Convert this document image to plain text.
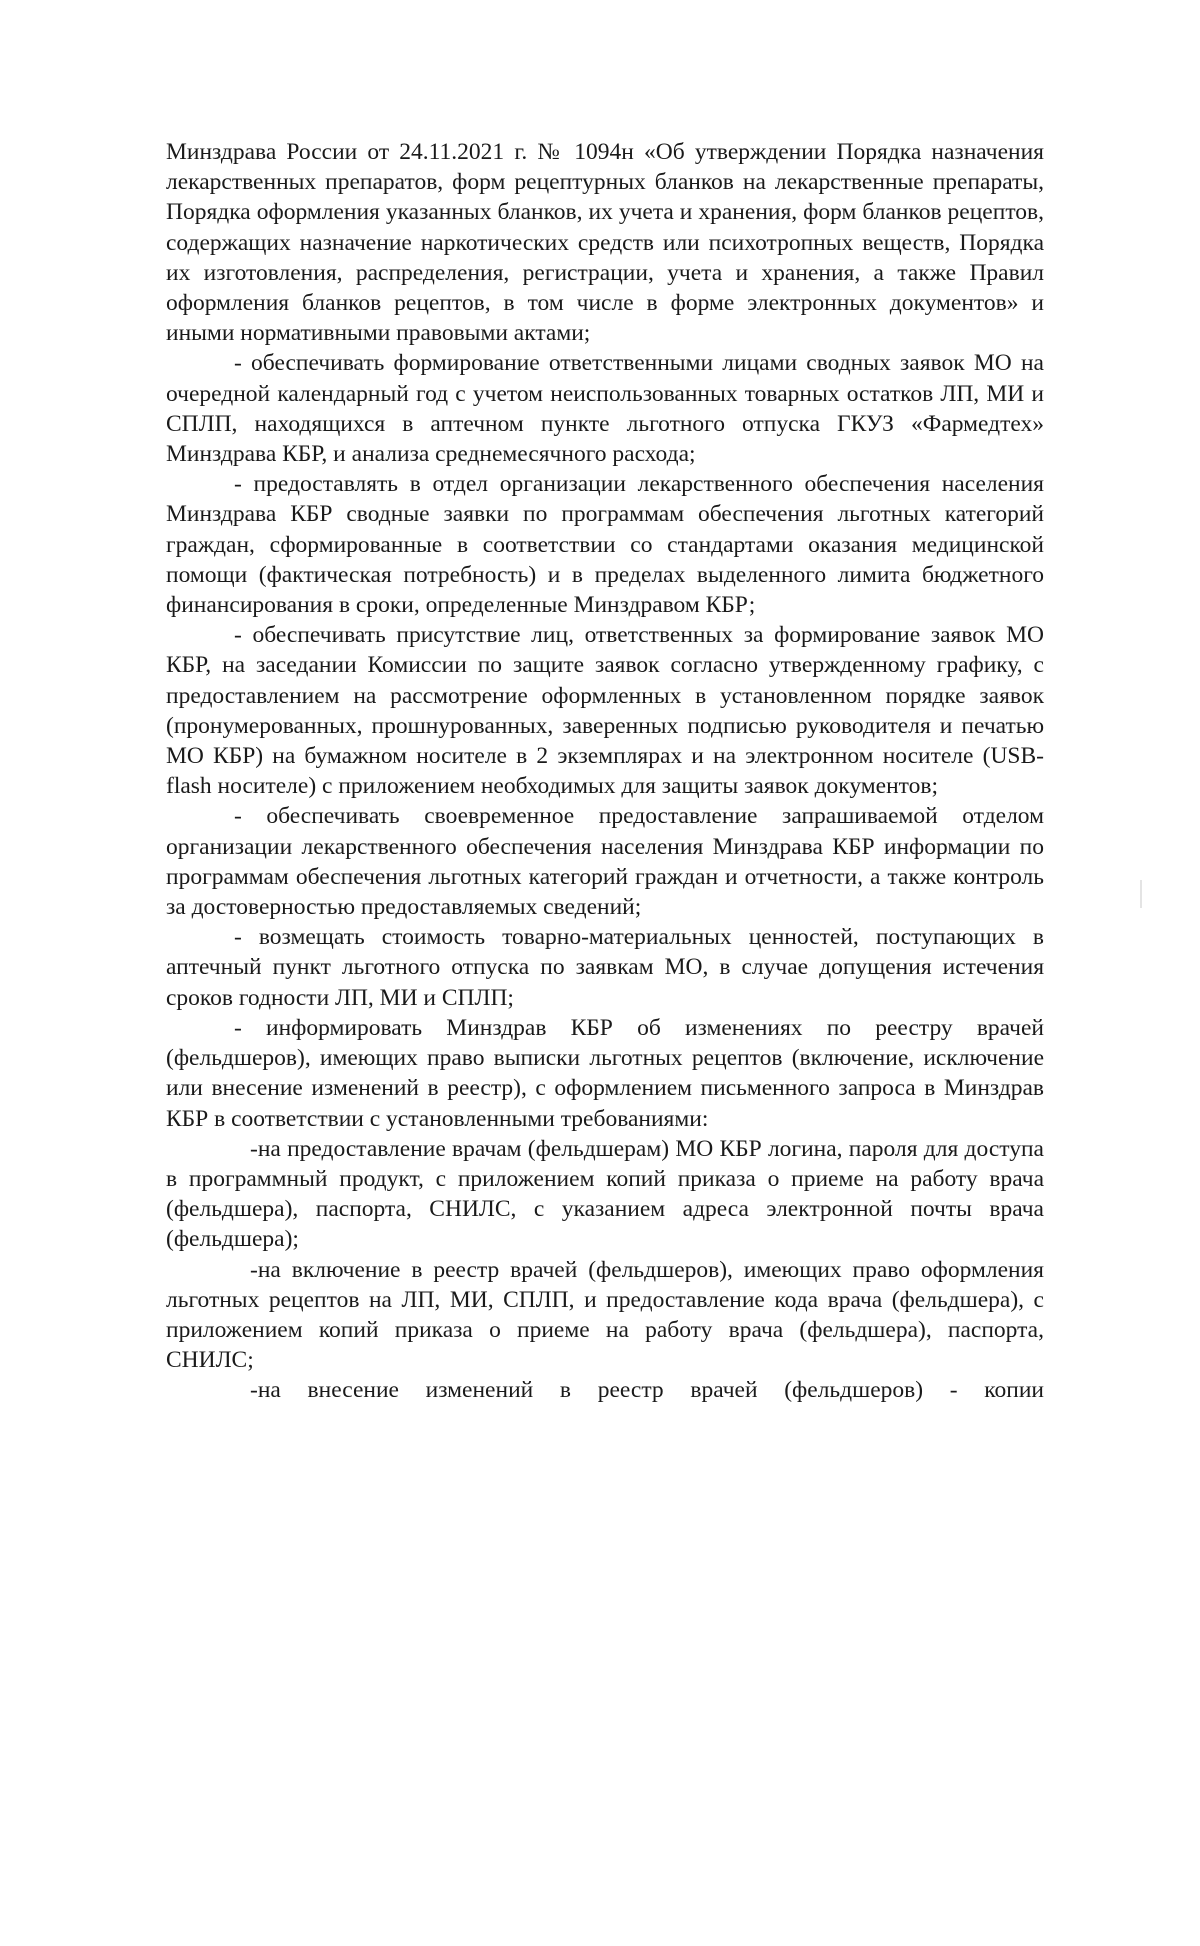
Минздрава России от 24.11.2021 г. № 1094н «Об утверждении Порядка назначения лекарственных препаратов, форм рецептурных бланков на лекарственные препараты, Порядка оформления указанных бланков, их учета и хранения, форм бланков рецептов, содержащих назначение наркотических средств или психотропных веществ, Порядка их изготовления, распределения, регистрации, учета и хранения, а также Правил оформления бланков рецептов, в том числе в форме электронных документов» и иными нормативными правовыми актами;

- обеспечивать формирование ответственными лицами сводных заявок МО на очередной календарный год с учетом неиспользованных товарных остатков ЛП, МИ и СПЛП, находящихся в аптечном пункте льготного отпуска ГКУЗ «Фармедтех» Минздрава КБР, и анализа среднемесячного расхода;

- предоставлять в отдел организации лекарственного обеспечения населения Минздрава КБР сводные заявки по программам обеспечения льготных категорий граждан, сформированные в соответствии со стандартами оказания медицинской помощи (фактическая потребность) и в пределах выделенного лимита бюджетного финансирования в сроки, определенные Минздравом КБР;

- обеспечивать присутствие лиц, ответственных за формирование заявок МО КБР, на заседании Комиссии по защите заявок согласно утвержденному графику, с предоставлением на рассмотрение оформленных в установленном порядке заявок (пронумерованных, прошнурованных, заверенных подписью руководителя и печатью МО КБР) на бумажном носителе в 2 экземплярах и на электронном носителе (USB- flash носителе) с приложением необходимых для защиты заявок документов;

- обеспечивать своевременное предоставление запрашиваемой отделом организации лекарственного обеспечения населения Минздрава КБР информации по программам обеспечения льготных категорий граждан и отчетности, а также контроль за достоверностью предоставляемых сведений;

- возмещать стоимость товарно-материальных ценностей, поступающих в аптечный пункт льготного отпуска по заявкам МО, в случае допущения истечения сроков годности ЛП, МИ и СПЛП;

- информировать Минздрав КБР об изменениях по реестру врачей (фельдшеров), имеющих право выписки льготных рецептов (включение, исключение или внесение изменений в реестр), с оформлением письменного запроса в Минздрав КБР в соответствии с установленными требованиями:

-на предоставление врачам (фельдшерам) МО КБР логина, пароля для доступа в программный продукт, с приложением копий приказа о приеме на работу врача (фельдшера), паспорта, СНИЛС, с указанием адреса электронной почты врача (фельдшера);

-на включение в реестр врачей (фельдшеров), имеющих право оформления льготных рецептов на ЛП, МИ, СПЛП, и предоставление кода врача (фельдшера), с приложением копий приказа о приеме на работу врача (фельдшера), паспорта, СНИЛС;

-на внесение изменений в реестр врачей (фельдшеров) - копии
